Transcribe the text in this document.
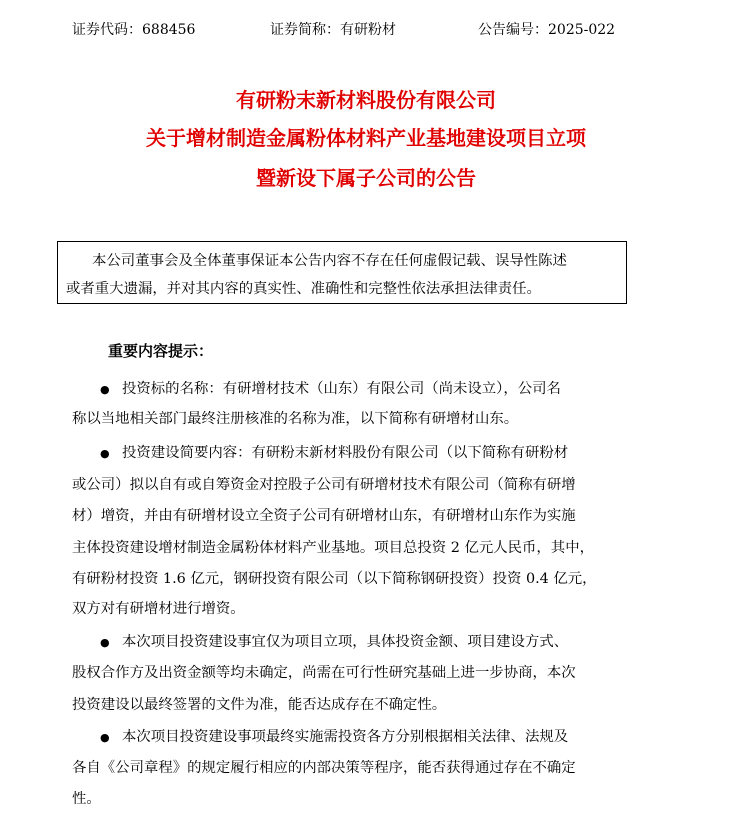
证券代码：688456	证券简称：有研粉材	公告编号：2025-022
有研粉末新材料股份有限公司
关于增材制造金属粉体材料产业基地建设项目立项
暨新设下属子公司的公告
本公司董事会及全体董事保证本公告内容不存在任何虚假记载、误导性陈述
或者重大遗漏，并对其内容的真实性、准确性和完整性依法承担法律责任。
重要内容提示：
● 投资标的名称：有研增材技术（山东）有限公司（尚未设立），公司名
称以当地相关部门最终注册核准的名称为准，以下简称有研增材山东。
● 投资建设简要内容：有研粉末新材料股份有限公司（以下简称有研粉材
或公司）拟以自有或自筹资金对控股子公司有研增材技术有限公司（简称有研增
材）增资，并由有研增材设立全资子公司有研增材山东，有研增材山东作为实施
主体投资建设增材制造金属粉体材料产业基地。项目总投资 2 亿元人民币，其中，
有研粉材投资 1.6 亿元，钢研投资有限公司（以下简称钢研投资）投资 0.4 亿元，
双方对有研增材进行增资。
● 本次项目投资建设事宜仅为项目立项，具体投资金额、项目建设方式、
股权合作方及出资金额等均未确定，尚需在可行性研究基础上进一步协商，本次
投资建设以最终签署的文件为准，能否达成存在不确定性。
● 本次项目投资建设事项最终实施需投资各方分别根据相关法律、法规及
各自《公司章程》的规定履行相应的内部决策等程序，能否获得通过存在不确定
性。
